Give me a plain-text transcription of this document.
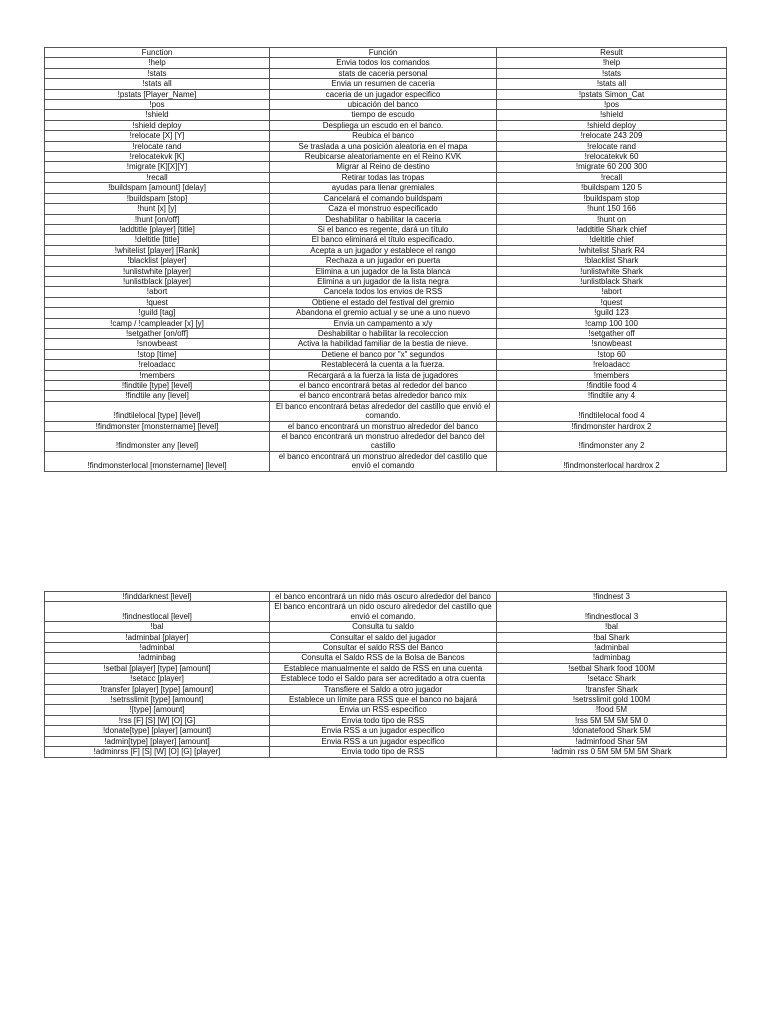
Function	Función	Result
!help	Envia todos los comandos	!help
!stats	stats de caceria personal	!stats
!stats all	Envia un resumen de caceria	!stats all
!pstats [Player_Name]	caceria de un jugador especifico	!pstats Simon_Cat
!pos	ubicación del banco	!pos
!shield	tiempo de escudo	!shield
!shield deploy	Despliega un escudo en el banco.	!shield deploy
!relocate [X] [Y]	Reubica el banco	!relocate 243 209
!relocate rand	Se traslada a una posición aleatoria en el mapa	!relocate rand
!relocatekvk [K]	Reubicarse aleatoriamente en el Reino KVK	!relocatekvk 60
!migrate [K][X][Y]	Migrar al Reino de destino	!migrate 60 200 300
!recall	Retirar todas las tropas	!recall
!buildspam [amount] [delay]	ayudas para llenar gremiales	!buildspam 120 5
!buildspam [stop]	Cancelará el comando buildspam	!buildspam stop
!hunt [x] [y]	Caza el monstruo especificado	!hunt 150 166
!hunt [on/off]	Deshabilitar o habilitar la caceria	!hunt on
!addtitle [player] [title]	Si el banco es regente, dará un título	!addtitle Shark chief
!deltitle [title]	El banco eliminará el título especificado.	!deltitle chief
!whitelist [player] [Rank]	Acepta a un jugador y establece el rango	!whitelist Shark R4
!blacklist [player]	Rechaza a un jugador en puerta	!blacklist Shark
!unlistwhite [player]	Elimina a un jugador de la lista blanca	!unlistwhite Shark
!unlistblack [player]	Elimina a un jugador de la lista negra	!unlistblack Shark
!abort	Cancela todos los envios de RSS	!abort
!quest	Obtiene el estado del festival del gremio	!quest
!guild [tag]	Abandona el gremio actual y se une a uno nuevo	!guild 123
!camp / !campleader [x] [y]	Envia un campamento a x/y	!camp 100 100
!setgather [on/off]	Deshabilitar o habilitar la recoleccion	!setgather off
!snowbeast	Activa la habilidad familiar de la bestia de nieve.	!snowbeast
!stop [time]	Detiene el banco por "x" segundos	!stop 60
!reloadacc	Restablecerá la cuenta a la fuerza.	!reloadacc
!members	Recargará a la fuerza la lista de jugadores	!members
!findtile [type] [level]	el banco encontrará betas al rededor del banco	!findtile food 4
!findtile any [level]	el banco encontrará betas alrededor banco mix	!findtile any 4
!findtilelocal [type] [level]	El banco encontrará betas alrededor del castillo que envió el comando.	!findtilelocal food 4
!findmonster [monstername] [level]	el banco encontrará un monstruo alrededor del banco	!findmonster hardrox 2
!findmonster any [level]	el banco encontrará un monstruo alrededor del banco del castillo	!findmonster any 2
!findmonsterlocal [monstername] [level]	el banco encontrará un monstruo alrededor del castillo que envió el comando	!findmonsterlocal hardrox 2
!finddarknest [level]	el banco encontrará un nido más oscuro alrededor del banco	!findnest 3
!findnestlocal [level]	El banco encontrará un nido oscuro alrededor del castillo que envió el comando.	!findnestlocal 3
!bal	Consulta tu saldo	!bal
!adminbal [player]	Consultar el saldo del jugador	!bal Shark
!adminbal	Consultar el saldo RSS del Banco	!adminbal
!adminbag	Consulta el Saldo RSS de la Bolsa de Bancos	!adminbag
!setbal [player] [type] [amount]	Establece manualmente el saldo de RSS en una cuenta	!setbal Shark food 100M
!setacc [player]	Establece todo el Saldo para ser acreditado a otra cuenta	!setacc Shark
!transfer [player] [type] [amount]	Transfiere el Saldo a otro jugador	!transfer Shark
!setrsslimit [type] [amount]	Establece un límite para RSS que el banco no bajará	!setrsslimit gold 100M
![type] [amount]	Envia un RSS especifico	!food 5M
!rss [F] [S] [W] [O] [G]	Envia todo tipo de RSS	!rss 5M 5M 5M 5M 0
!donate[type] [player] [amount]	Envia RSS a un jugador especifico	!donatefood Shark 5M
!admin[type] [player] [amount]	Envia RSS a un jugador especifico	!adminfood Shar 5M
!adminrss [F] [S] [W] [O] [G] [player]	Envia todo tipo de RSS	!admin rss 0 5M 5M 5M 5M Shark
